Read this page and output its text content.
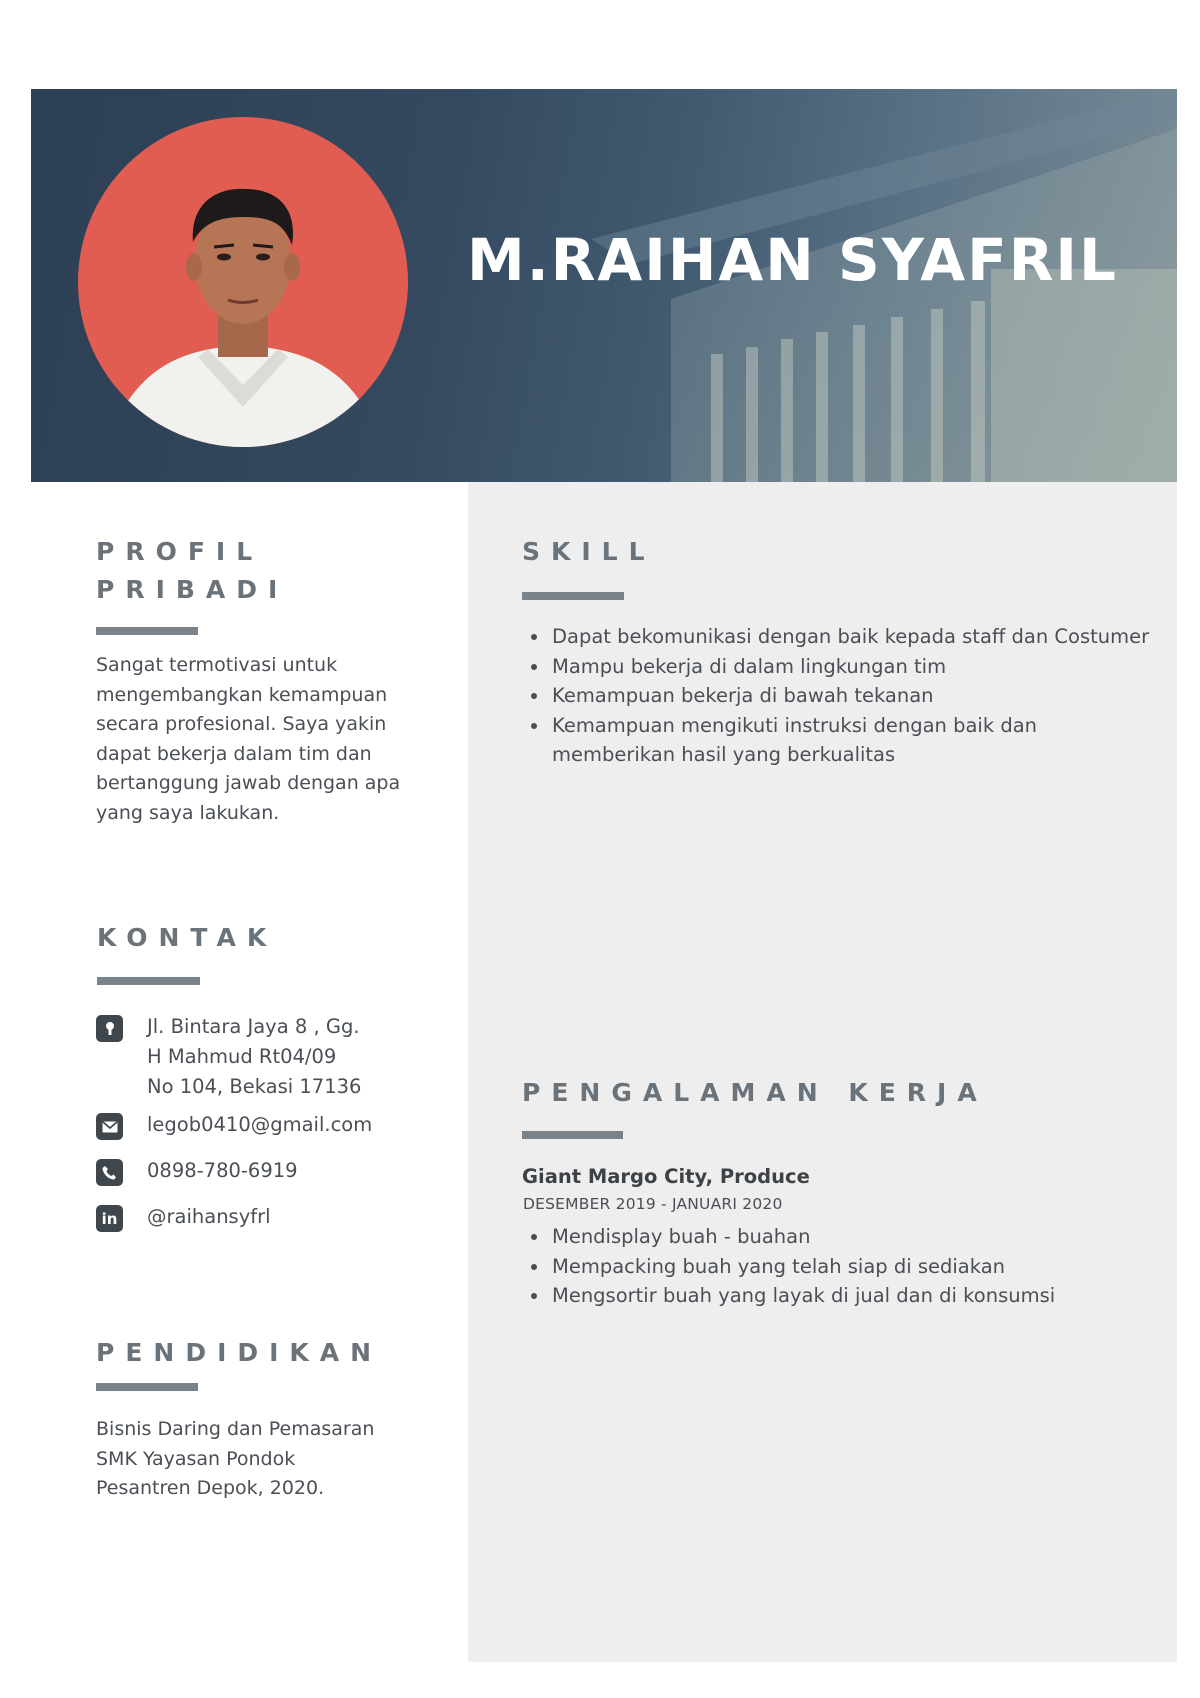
M.RAIHAN SYAFRIL
PROFIL
PRIBADI
Sangat termotivasi untuk mengembangkan kemampuan secara profesional. Saya yakin dapat bekerja dalam tim dan bertanggung jawab dengan apa yang saya lakukan.
KONTAK
Jl. Bintara Jaya 8 , Gg.
H Mahmud Rt04/09
No 104, Bekasi 17136
legob0410@gmail.com
0898-780-6919
in @raihansyfrl
PENDIDIKAN
Bisnis Daring dan Pemasaran
SMK Yayasan Pondok
Pesantren Depok, 2020.
SKILL
• Dapat bekomunikasi dengan baik kepada staff dan Costumer
• Mampu bekerja di dalam lingkungan tim
• Kemampuan bekerja di bawah tekanan
• Kemampuan mengikuti instruksi dengan baik dan memberikan hasil yang berkualitas
PENGALAMAN KERJA
Giant Margo City, Produce
DESEMBER 2019 - JANUARI 2020
• Mendisplay buah - buahan
• Mempacking buah yang telah siap di sediakan
• Mengsortir buah yang layak di jual dan di konsumsi
